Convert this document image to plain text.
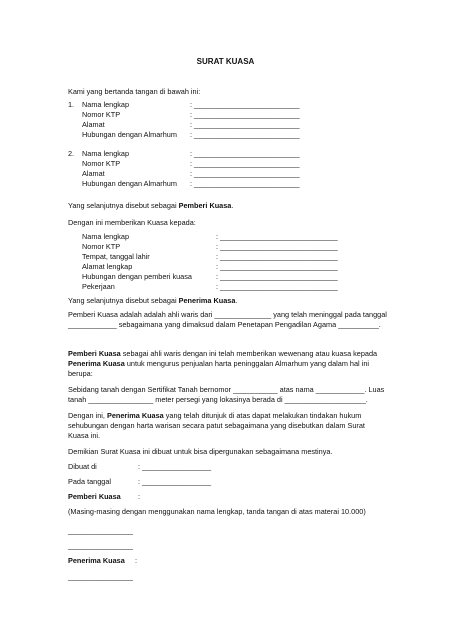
SURAT KUASA
Kami yang bertanda tangan di bawah ini:
1. Nama lengkap
Nomor KTP
Alamat
Hubungan dengan Almarhum
: __________________________
: __________________________
: __________________________
: __________________________
2. Nama lengkap
Nomor KTP
Alamat
Hubungan dengan Almarhum
: __________________________
: __________________________
: __________________________
: __________________________
Yang selanjutnya disebut sebagai Pemberi Kuasa.
Dengan ini memberikan Kuasa kepada:
Nama lengkap
Nomor KTP
Tempat, tanggal lahir
Alamat lengkap
Hubungan dengan pemberi kuasa
Pekerjaan
: _____________________________
: _____________________________
: _____________________________
: _____________________________
: _____________________________
: _____________________________
Yang selanjutnya disebut sebagai Penerima Kuasa.
Pemberi Kuasa adalah adalah ahli waris dari ______________ yang telah meninggal pada tanggal
____________ sebagaimana yang dimaksud dalam Penetapan Pengadilan Agama __________.
Pemberi Kuasa sebagai ahli waris dengan ini telah memberikan wewenang atau kuasa kepada
Penerima Kuasa untuk mengurus penjualan harta peninggalan Almarhum yang dalam hal ini
berupa:
Sebidang tanah dengan Sertifikat Tanah bernomor ___________ atas nama ____________. Luas
tanah ________________ meter persegi yang lokasinya berada di ____________________.
Dengan ini, Penerima Kuasa yang telah ditunjuk di atas dapat melakukan tindakan hukum
sehubungan dengan harta warisan secara patut sebagaimana yang disebutkan dalam Surat
Kuasa ini.
Demikian Surat Kuasa ini dibuat untuk bisa dipergunakan sebagaimana mestinya.
Dibuat di	: _________________
Pada tanggal	: _________________
Pemberi Kuasa :
(Masing-masing dengan menggunakan nama lengkap, tanda tangan di atas materai 10.000)
________________
________________
Penerima Kuasa :
________________
